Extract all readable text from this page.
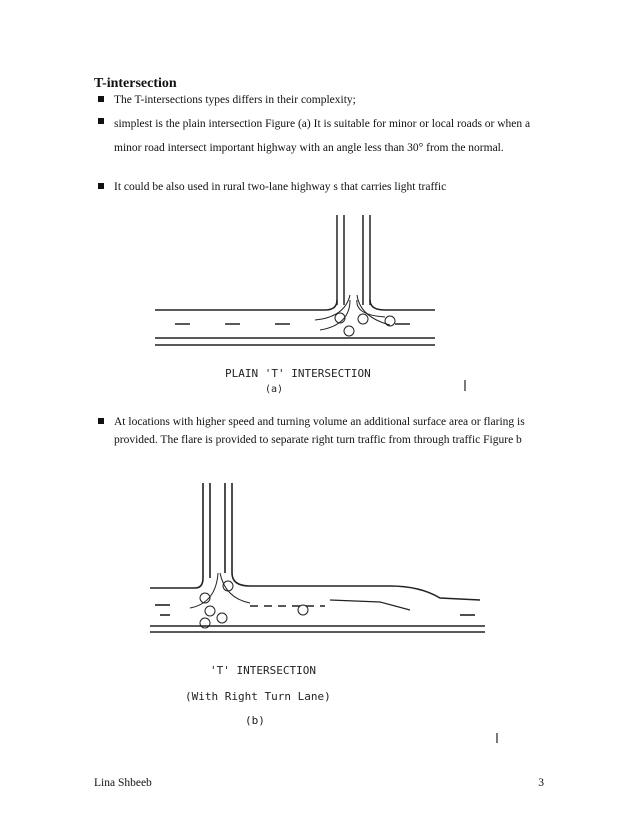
T-intersection
The T-intersections types differs in their complexity;
simplest is the plain intersection Figure (a) It is suitable for minor or local roads or when a minor road intersect important highway with an angle less than 30° from the normal.
It could be also used in rural two-lane highway s that carries light traffic
PLAIN 'T' INTERSECTION
(a)
At locations with higher speed and turning volume an additional surface area or flaring is provided. The flare is provided to separate right turn traffic from through traffic Figure b
'T' INTERSECTION
(With Right Turn Lane)
(b)
Lina Shbeeb	3
